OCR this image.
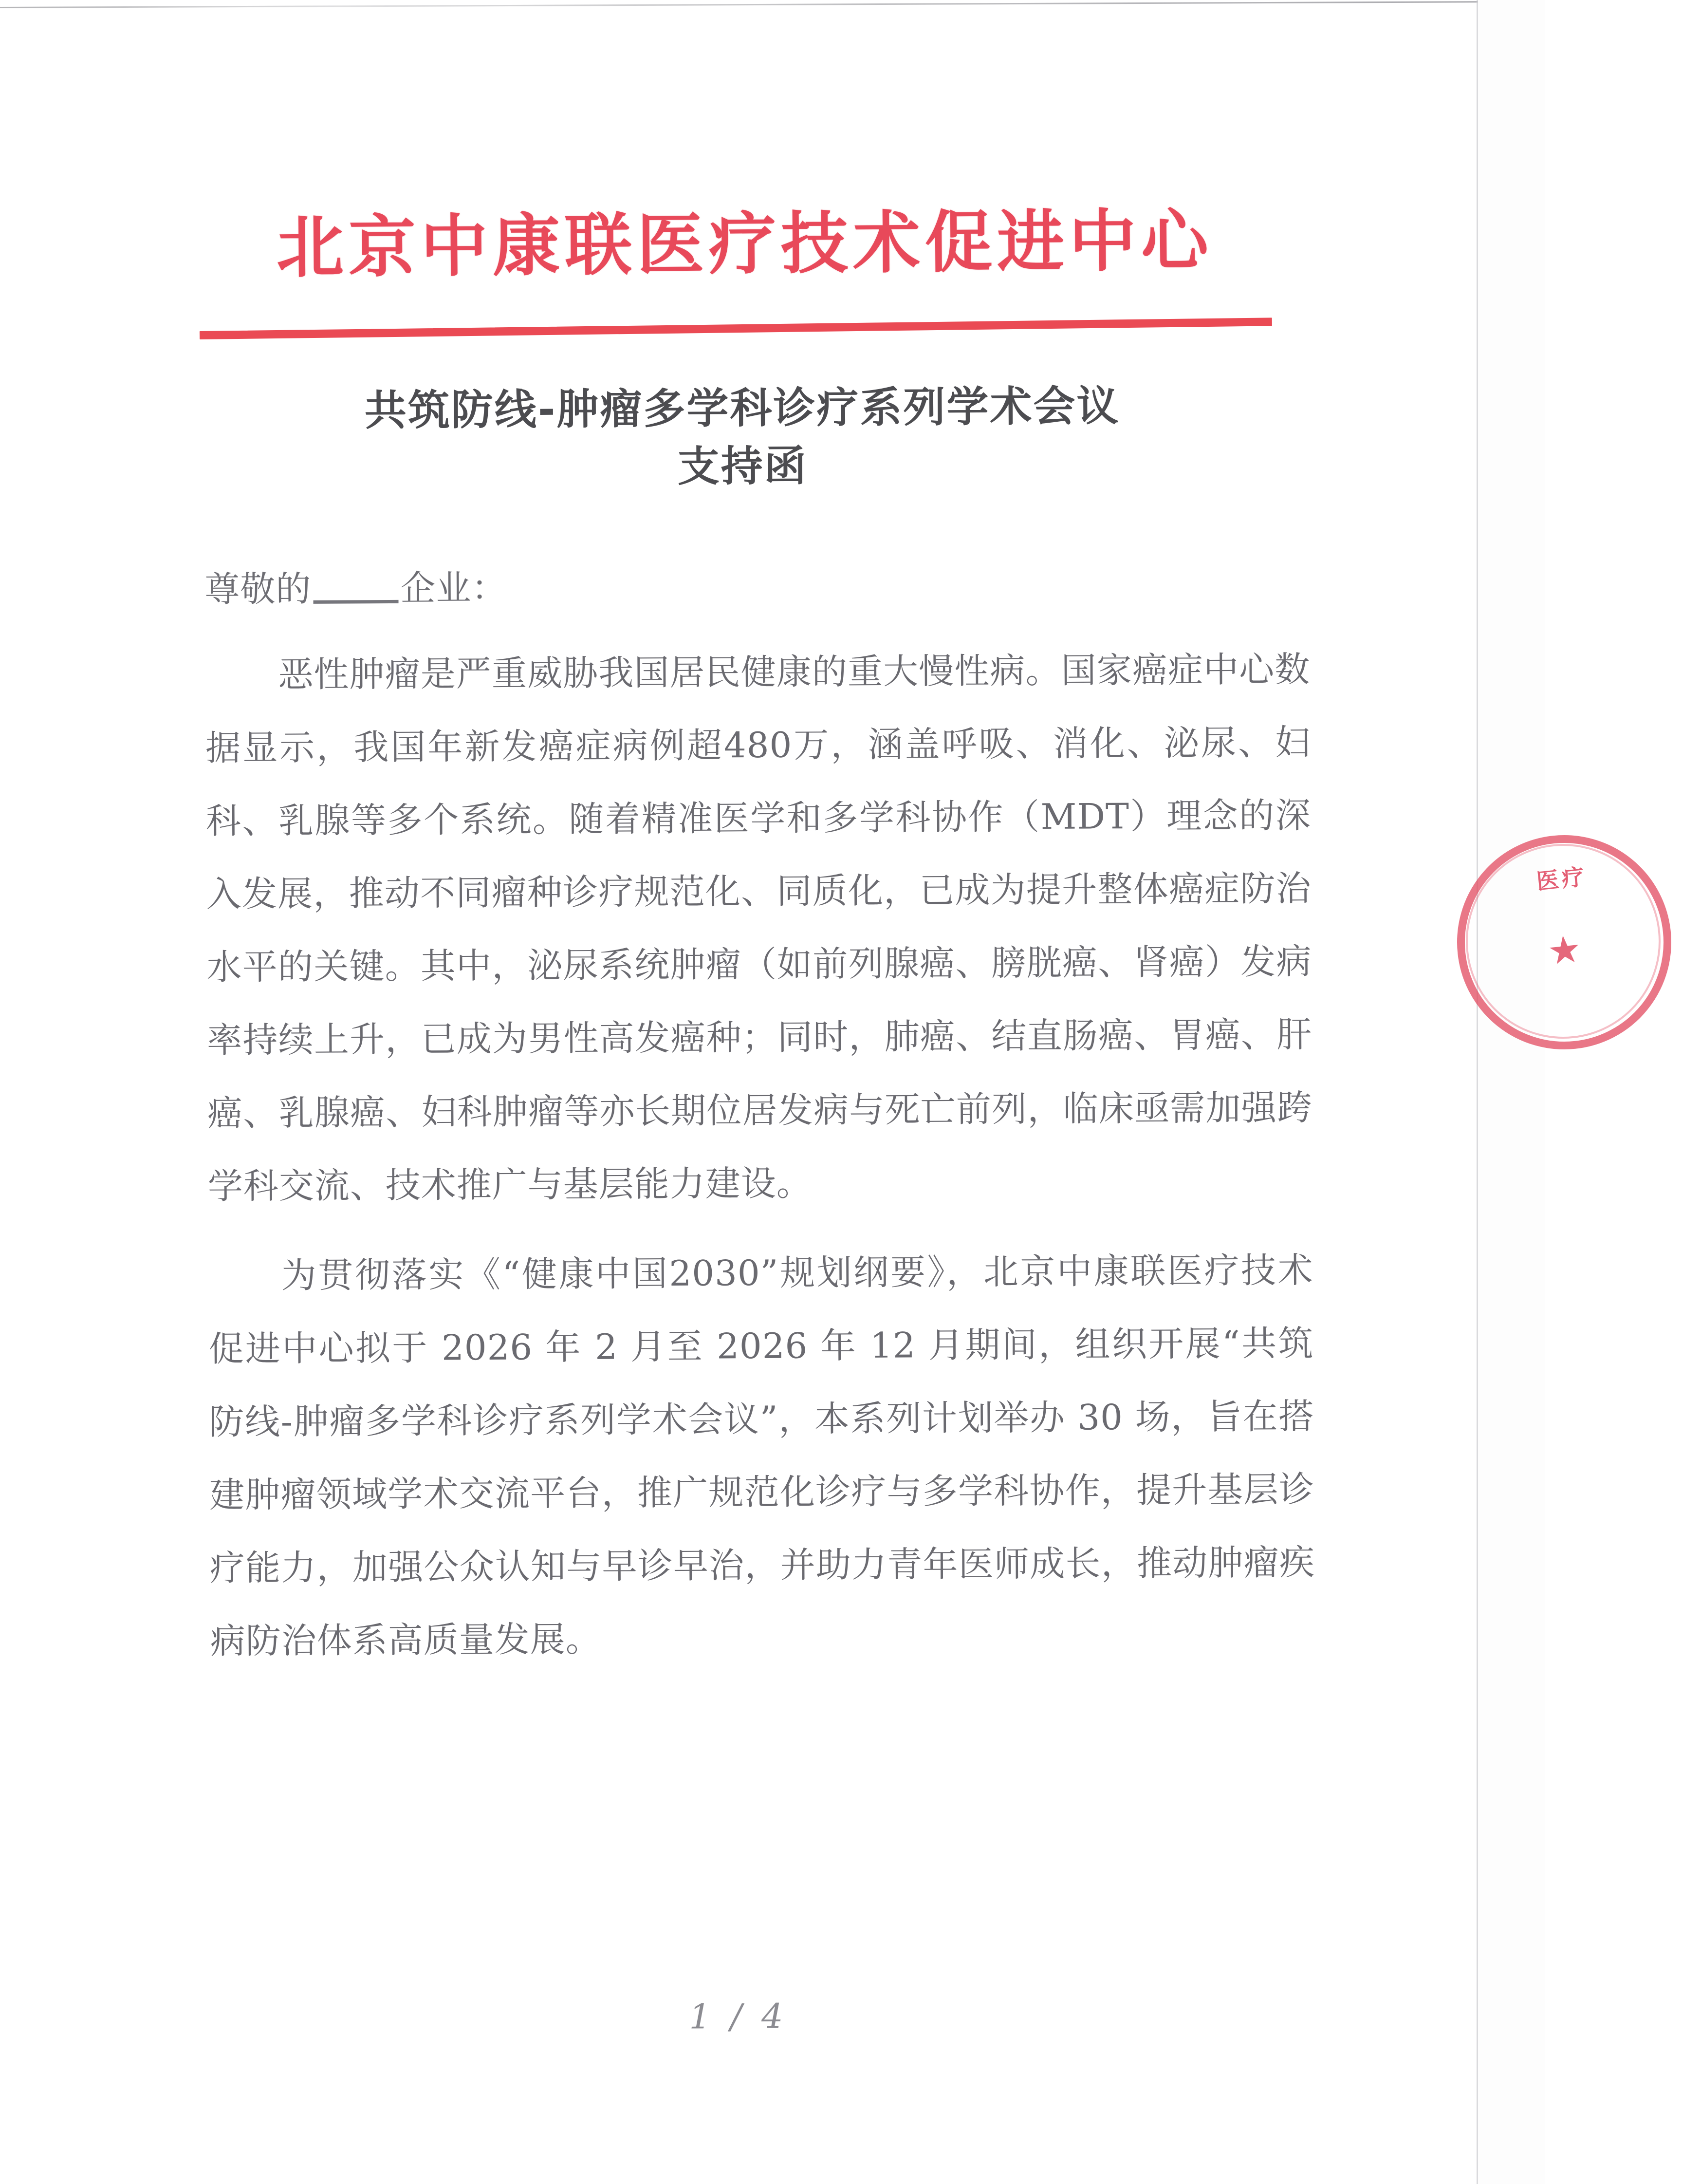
北京中康联医疗技术促进中心
共筑防线-肿瘤多学科诊疗系列学术会议
支持函
尊敬的	企业：

恶性肿瘤是严重威胁我国居民健康的重大慢性病。国家癌症中心数据显示，我国年新发癌症病例超480万，涵盖呼吸、消化、泌尿、妇科、乳腺等多个系统。随着精准医学和多学科协作（MDT）理念的深入发展，推动不同瘤种诊疗规范化、同质化，已成为提升整体癌症防治水平的关键。其中，泌尿系统肿瘤（如前列腺癌、膀胱癌、肾癌）发病率持续上升，已成为男性高发癌种；同时，肺癌、结直肠癌、胃癌、肝癌、乳腺癌、妇科肿瘤等亦长期位居发病与死亡前列，临床亟需加强跨学科交流、技术推广与基层能力建设。

为贯彻落实《“健康中国2030”规划纲要》，北京中康联医疗技术促进中心拟于 2026 年 2 月至 2026 年 12 月期间，组织开展“共筑防线-肿瘤多学科诊疗系列学术会议”，本系列计划举办 30 场，旨在搭建肿瘤领域学术交流平台，推广规范化诊疗与多学科协作，提升基层诊疗能力，加强公众认知与早诊早治，并助力青年医师成长，推动肿瘤疾病防治体系高质量发展。

1 / 4
医疗
★
